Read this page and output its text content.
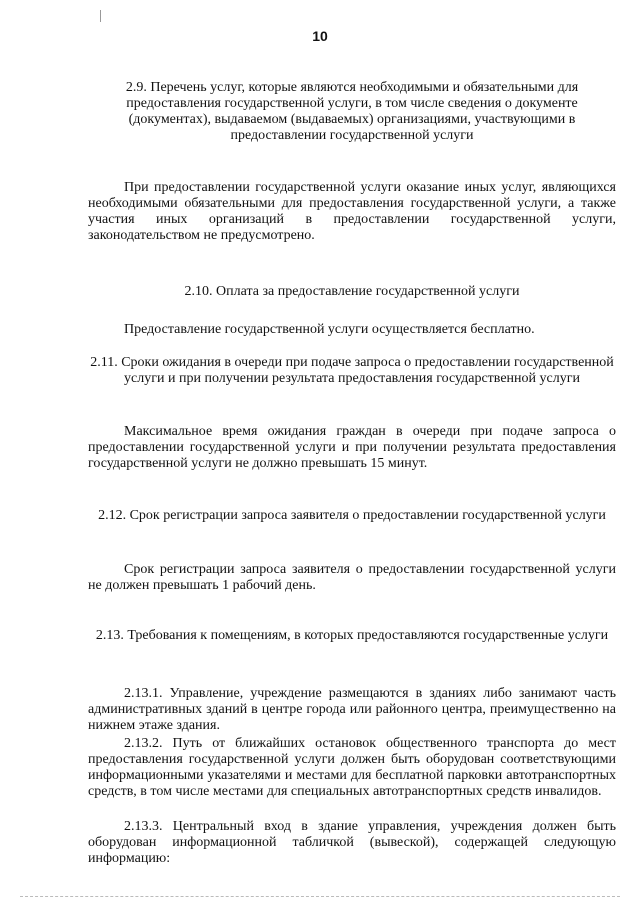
10
2.9. Перечень услуг, которые являются необходимыми и обязательными для предоставления государственной услуги, в том числе сведения о документе (документах), выдаваемом (выдаваемых) организациями, участвующими в предоставлении государственной услуги
При предоставлении государственной услуги оказание иных услуг, являющихся необходимыми обязательными для предоставления государственной услуги, а также участия иных организаций в предоставлении государственной услуги, законодательством не предусмотрено.
2.10. Оплата за предоставление государственной услуги
Предоставление государственной услуги осуществляется бесплатно.
2.11. Сроки ожидания в очереди при подаче запроса о предоставлении государственной услуги и при получении результата предоставления государственной услуги
Максимальное время ожидания граждан в очереди при подаче запроса о предоставлении государственной услуги и при получении результата предоставления государственной услуги не должно превышать 15 минут.
2.12. Срок регистрации запроса заявителя о предоставлении государственной услуги
Срок регистрации запроса заявителя о предоставлении государственной услуги не должен превышать 1 рабочий день.
2.13. Требования к помещениям, в которых предоставляются государственные услуги
2.13.1. Управление, учреждение размещаются в зданиях либо занимают часть административных зданий в центре города или районного центра, преимущественно на нижнем этаже здания.
2.13.2. Путь от ближайших остановок общественного транспорта до мест предоставления государственной услуги должен быть оборудован соответствующими информационными указателями и местами для бесплатной парковки автотранспортных средств, в том числе местами для специальных автотранспортных средств инвалидов.
2.13.3. Центральный вход в здание управления, учреждения должен быть оборудован информационной табличкой (вывеской), содержащей следующую информацию:
